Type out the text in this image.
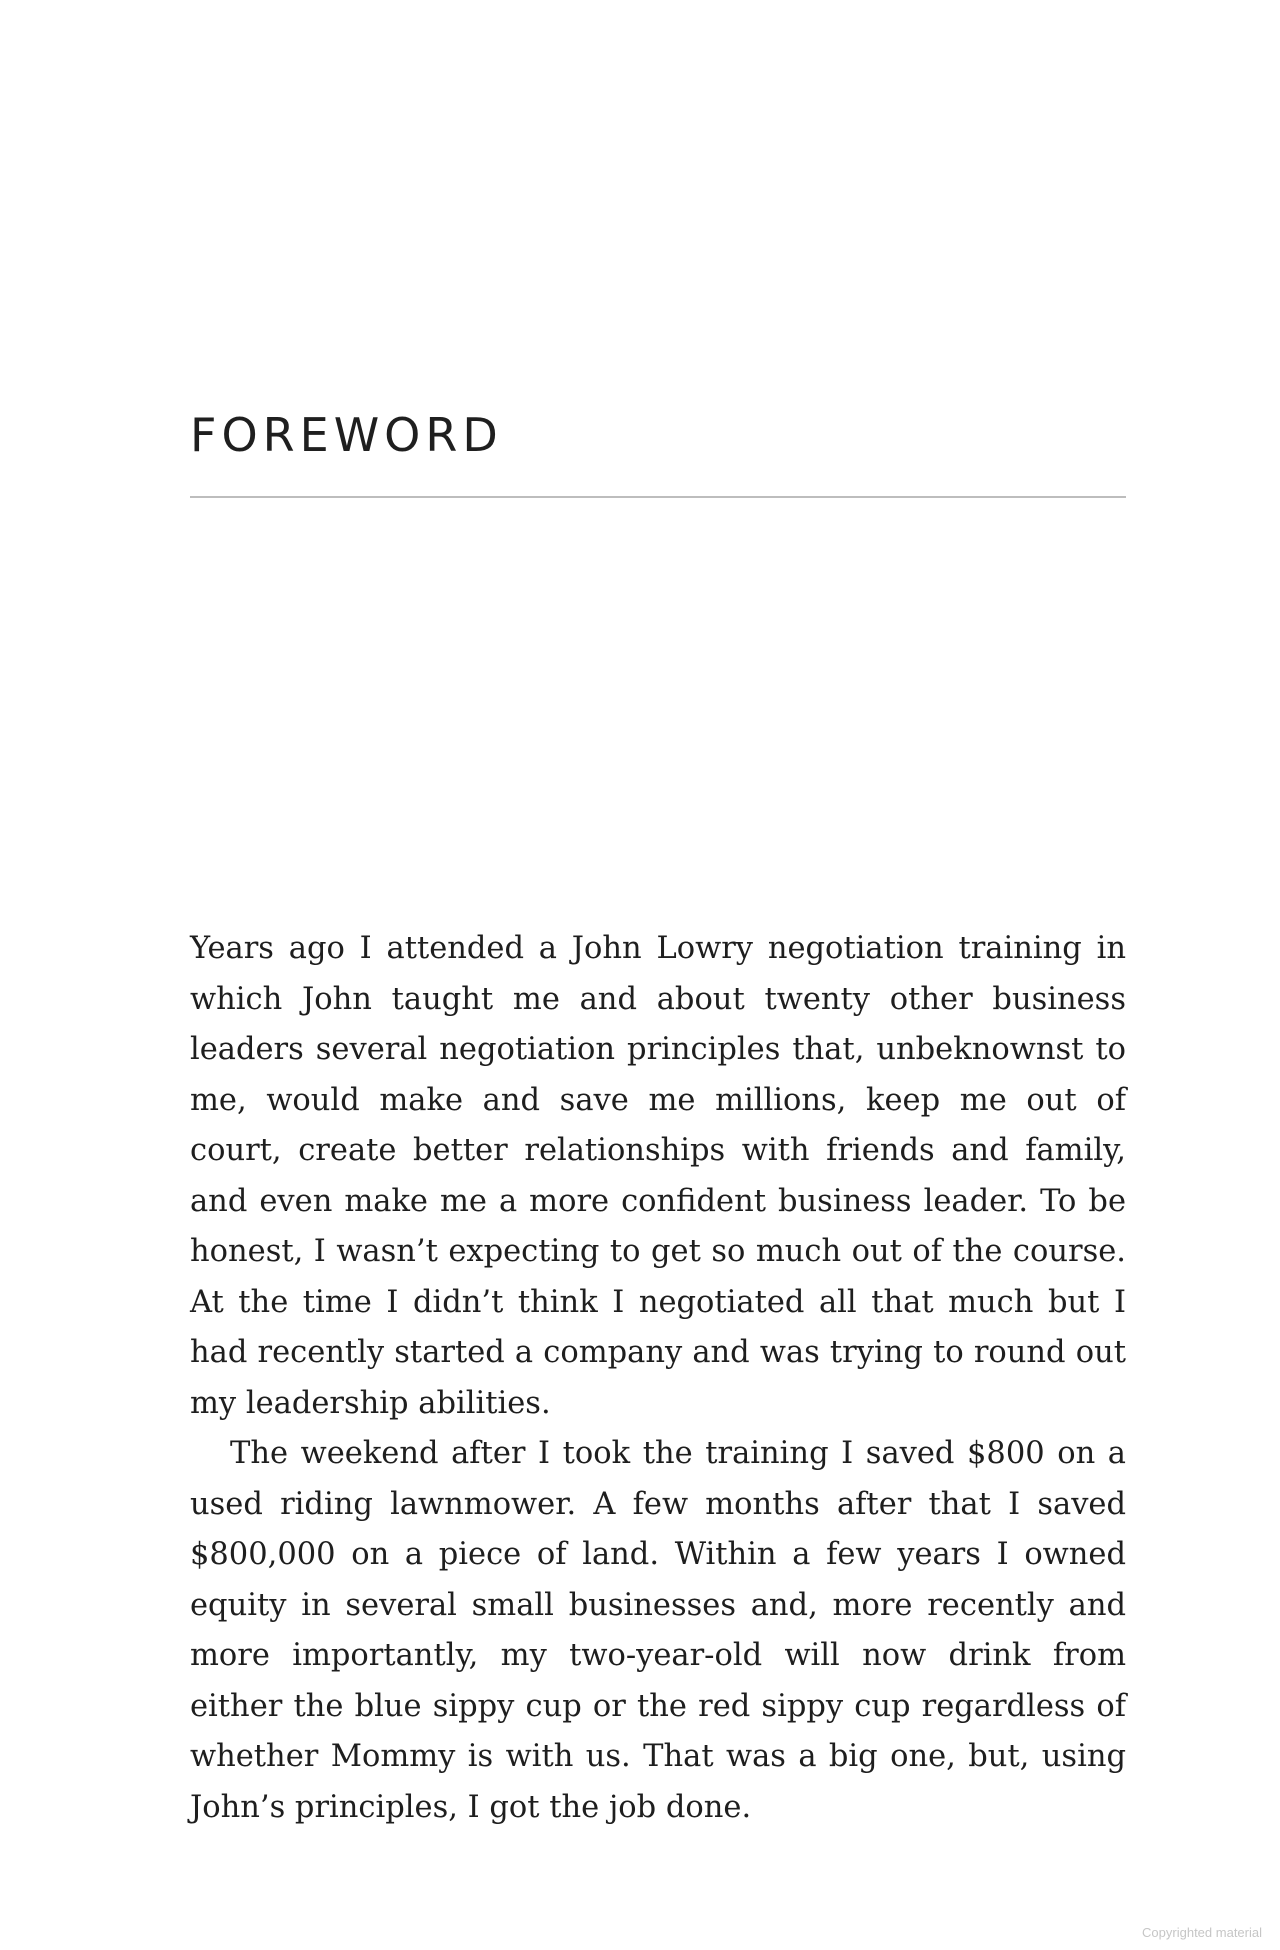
FOREWORD

Years ago I attended a John Lowry negotiation training in which John taught me and about twenty other business leaders several negotiation principles that, unbeknownst to me, would make and save me millions, keep me out of court, create better relationships with friends and family, and even make me a more confident business leader. To be honest, I wasn’t expecting to get so much out of the course. At the time I didn’t think I negotiated all that much but I had recently started a company and was trying to round out my leadership abilities.

The weekend after I took the training I saved $800 on a used riding lawnmower. A few months after that I saved $800,000 on a piece of land. Within a few years I owned equity in several small businesses and, more recently and more importantly, my two-year-old will now drink from either the blue sippy cup or the red sippy cup regardless of whether Mommy is with us. That was a big one, but, using John’s principles, I got the job done.

Copyrighted material
